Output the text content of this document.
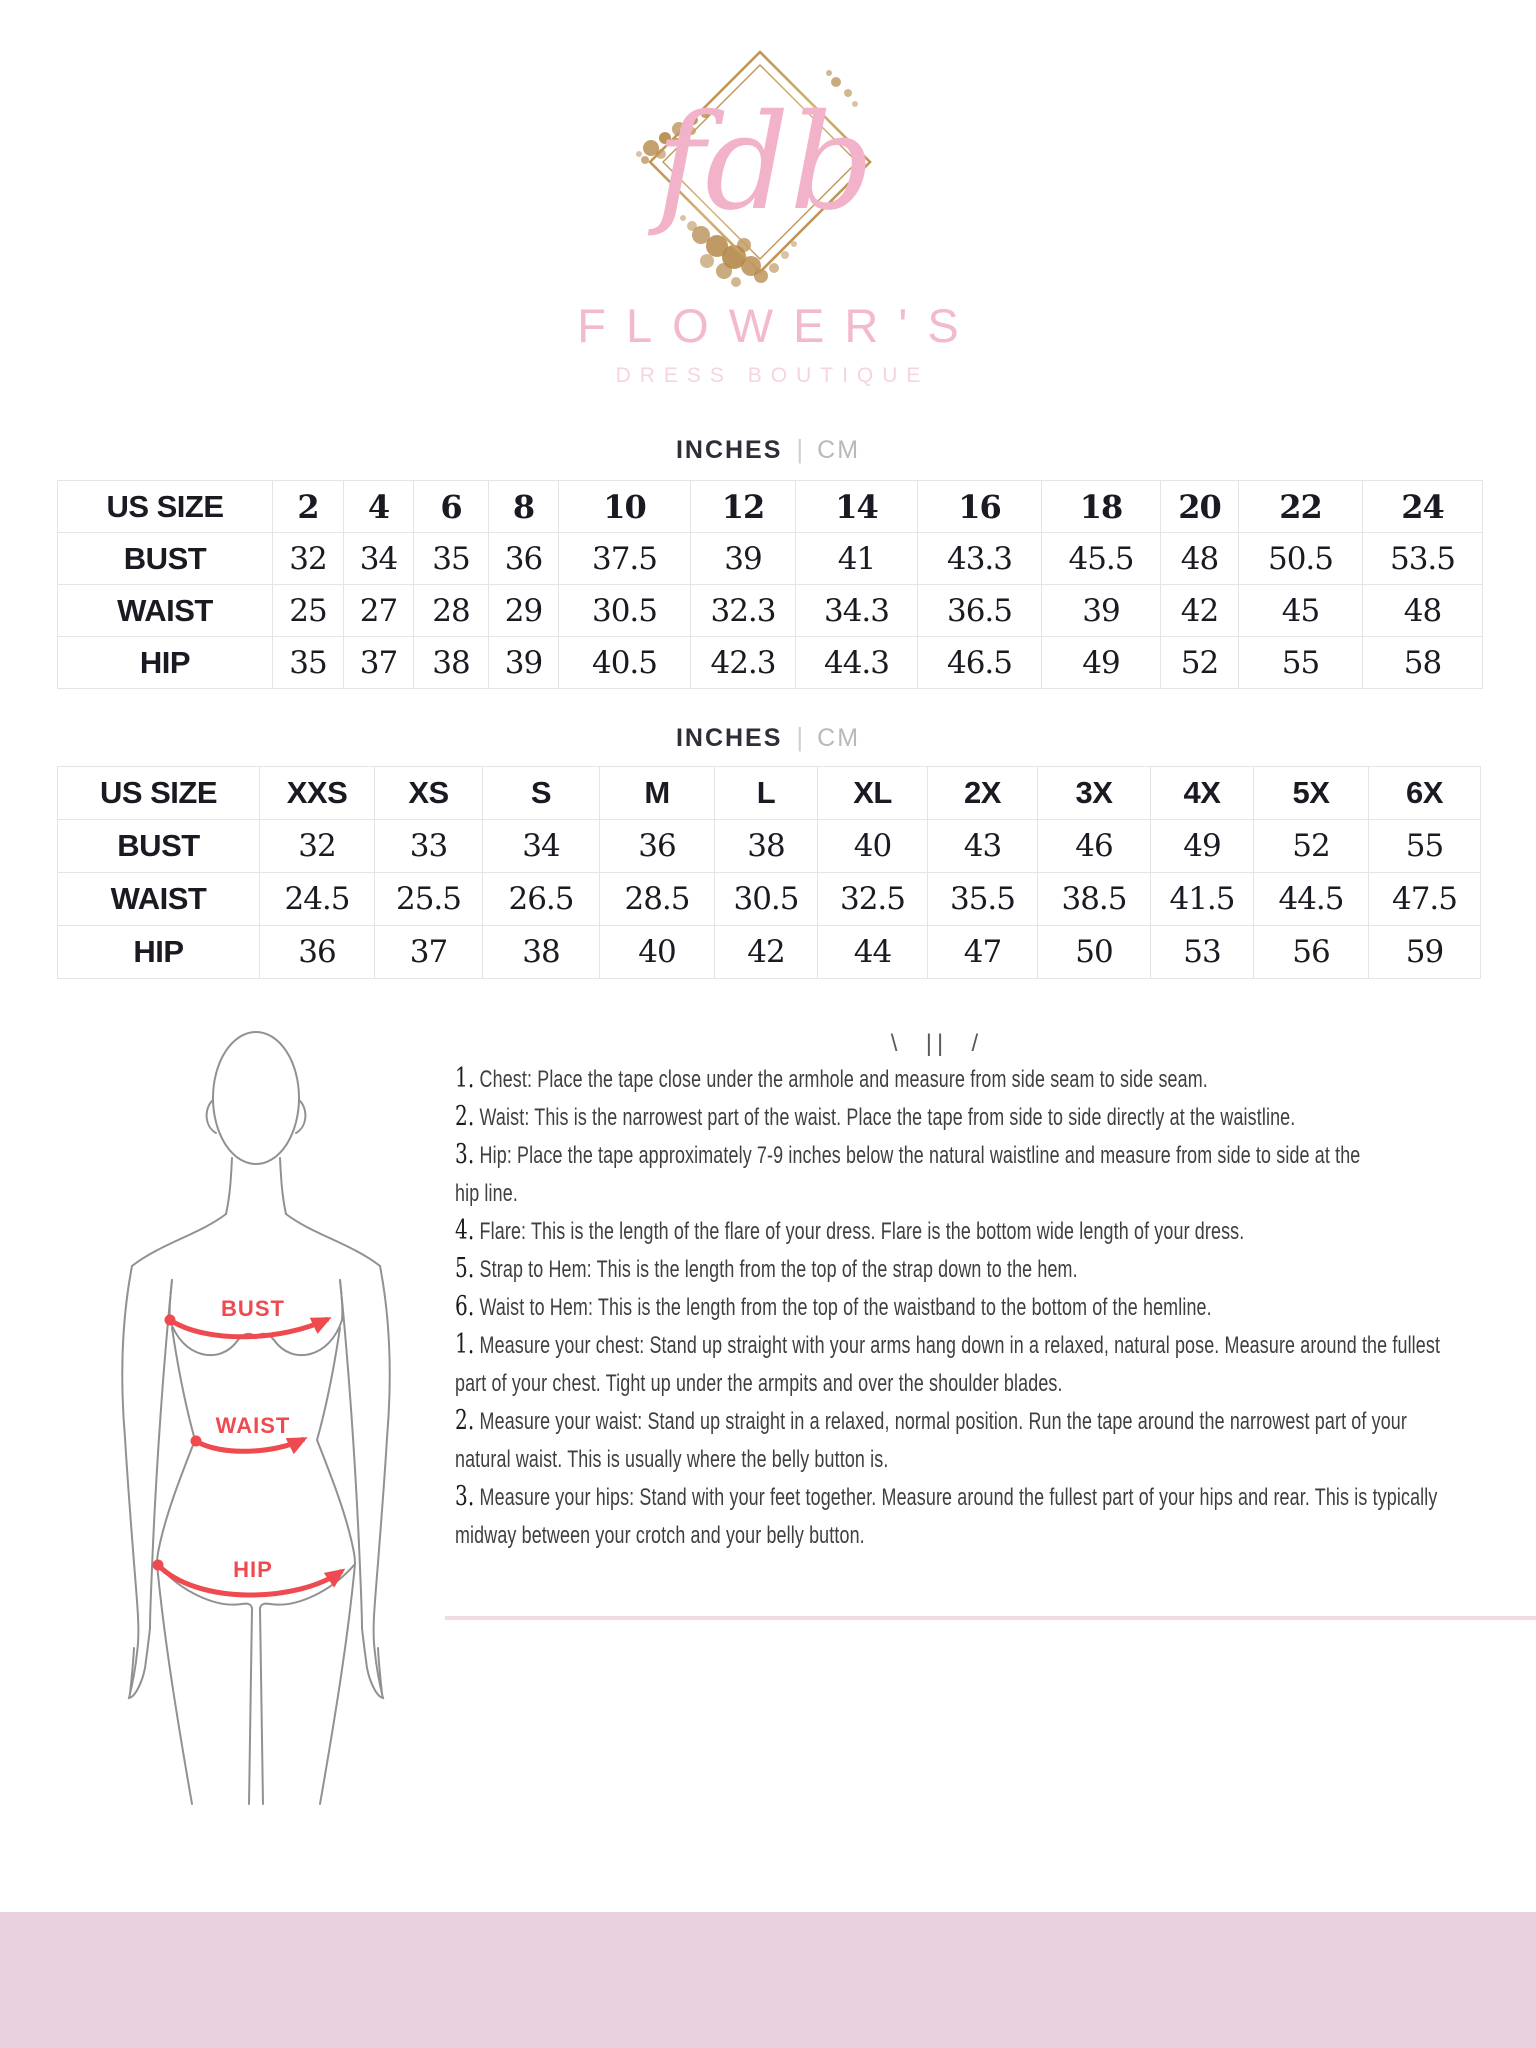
fdb
FLOWER'S
DRESS BOUTIQUE
INCHES | CM
US SIZE	2	4	6	8	10	12	14	16	18	20	22	24
BUST	32	34	35	36	37.5	39	41	43.3	45.5	48	50.5	53.5
WAIST	25	27	28	29	30.5	32.3	34.3	36.5	39	42	45	48
HIP	35	37	38	39	40.5	42.3	44.3	46.5	49	52	55	58
INCHES | CM
US SIZE	XXS	XS	S	M	L	XL	2X	3X	4X	5X	6X
BUST	32	33	34	36	38	40	43	46	49	52	55
WAIST	24.5	25.5	26.5	28.5	30.5	32.5	35.5	38.5	41.5	44.5	47.5
HIP	36	37	38	40	42	44	47	50	53	56	59
BUST
WAIST
HIP
\  ||  /
1. Chest: Place the tape close under the armhole and measure from side seam to side seam.
2. Waist: This is the narrowest part of the waist. Place the tape from side to side directly at the waistline.
3. Hip: Place the tape approximately 7-9 inches below the natural waistline and measure from side to side at the
hip line.
4. Flare: This is the length of the flare of your dress. Flare is the bottom wide length of your dress.
5. Strap to Hem: This is the length from the top of the strap down to the hem.
6. Waist to Hem: This is the length from the top of the waistband to the bottom of the hemline.
1. Measure your chest: Stand up straight with your arms hang down in a relaxed, natural pose. Measure around the fullest
part of your chest. Tight up under the armpits and over the shoulder blades.
2. Measure your waist: Stand up straight in a relaxed, normal position. Run the tape around the narrowest part of your
natural waist. This is usually where the belly button is.
3. Measure your hips: Stand with your feet together. Measure around the fullest part of your hips and rear. This is typically
midway between your crotch and your belly button.
